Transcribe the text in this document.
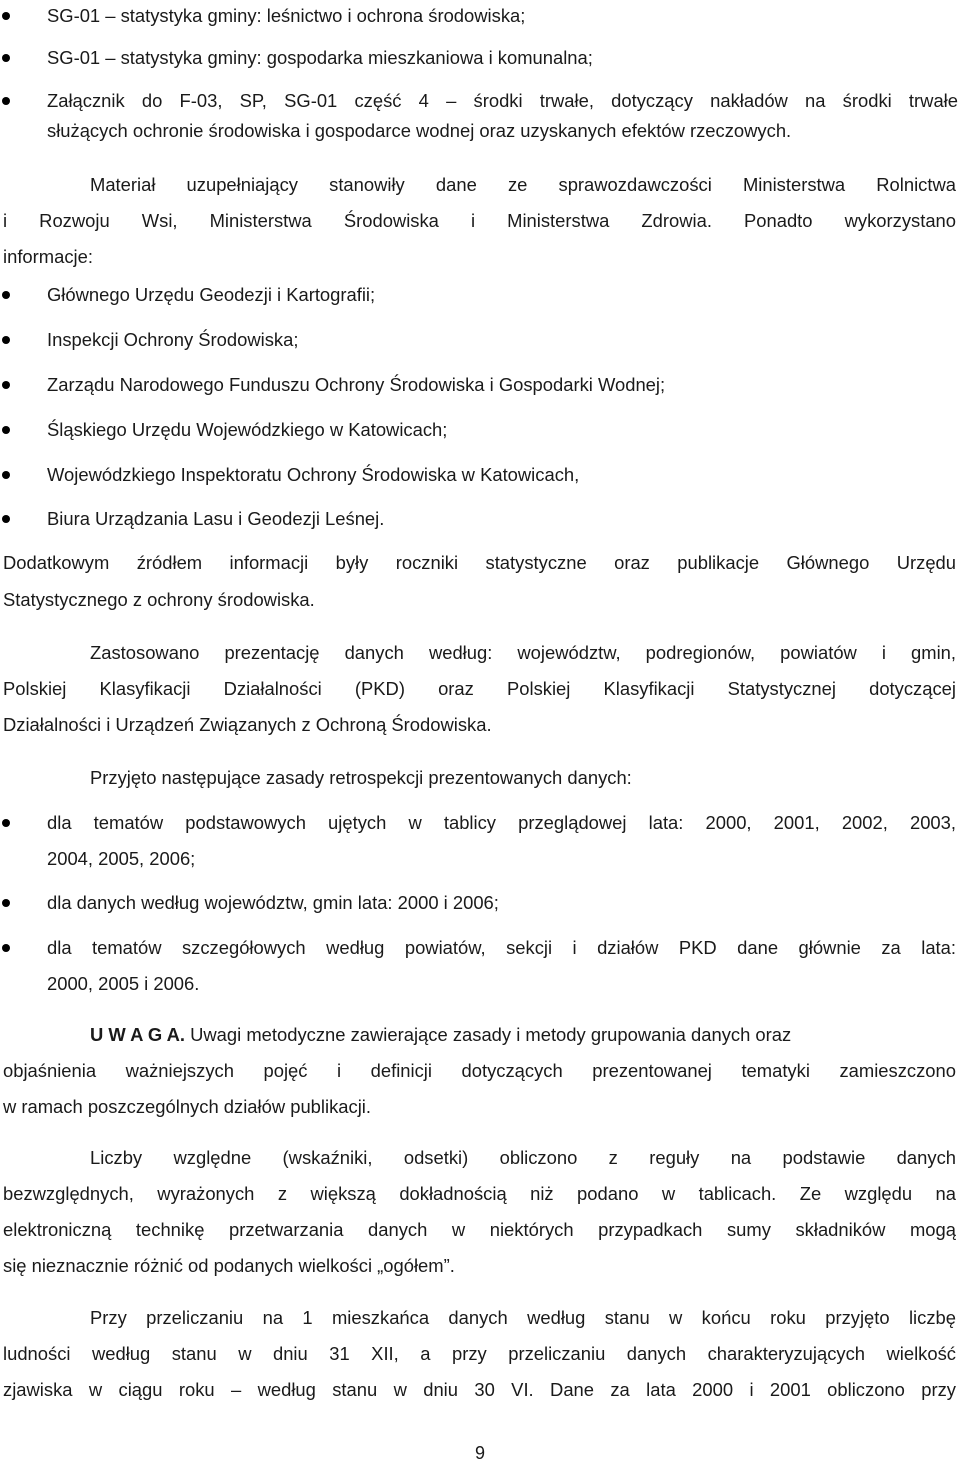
SG-01 – statystyka gminy: leśnictwo i ochrona środowiska;
SG-01 – statystyka gminy: gospodarka mieszkaniowa i komunalna;
Załącznik do F-03, SP, SG-01 część 4 – środki trwałe, dotyczący nakładów na środki trwałe
służących ochronie środowiska i gospodarce wodnej oraz uzyskanych efektów rzeczowych.
Materiał uzupełniający stanowiły dane ze sprawozdawczości Ministerstwa Rolnictwa
i Rozwoju Wsi, Ministerstwa Środowiska i Ministerstwa Zdrowia. Ponadto wykorzystano
informacje:
Głównego Urzędu Geodezji i Kartografii;
Inspekcji Ochrony Środowiska;
Zarządu Narodowego Funduszu Ochrony Środowiska i Gospodarki Wodnej;
Śląskiego Urzędu Wojewódzkiego w Katowicach;
Wojewódzkiego Inspektoratu Ochrony Środowiska w Katowicach,
Biura Urządzania Lasu i Geodezji Leśnej.
Dodatkowym źródłem informacji były roczniki statystyczne oraz publikacje Głównego Urzędu
Statystycznego z ochrony środowiska.
Zastosowano prezentację danych według: województw, podregionów, powiatów i gmin,
Polskiej Klasyfikacji Działalności (PKD) oraz Polskiej Klasyfikacji Statystycznej dotyczącej
Działalności i Urządzeń Związanych z Ochroną Środowiska.
Przyjęto następujące zasady retrospekcji prezentowanych danych:
dla tematów podstawowych ujętych w tablicy przeglądowej lata: 2000, 2001, 2002, 2003,
2004, 2005, 2006;
dla danych według województw, gmin lata: 2000 i 2006;
dla tematów szczegółowych według powiatów, sekcji i działów PKD dane głównie za lata:
2000, 2005 i 2006.
U W A G A. Uwagi metodyczne zawierające zasady i metody grupowania danych oraz
objaśnienia ważniejszych pojęć i definicji dotyczących prezentowanej tematyki zamieszczono
w ramach poszczególnych działów publikacji.
Liczby względne (wskaźniki, odsetki) obliczono z reguły na podstawie danych
bezwzględnych, wyrażonych z większą dokładnością niż podano w tablicach. Ze względu na
elektroniczną technikę przetwarzania danych w niektórych przypadkach sumy składników mogą
się nieznacznie różnić od podanych wielkości „ogółem”.
Przy przeliczaniu na 1 mieszkańca danych według stanu w końcu roku przyjęto liczbę
ludności według stanu w dniu 31 XII, a przy przeliczaniu danych charakteryzujących wielkość
zjawiska w ciągu roku – według stanu w dniu 30 VI. Dane za lata 2000 i 2001 obliczono przy
9
